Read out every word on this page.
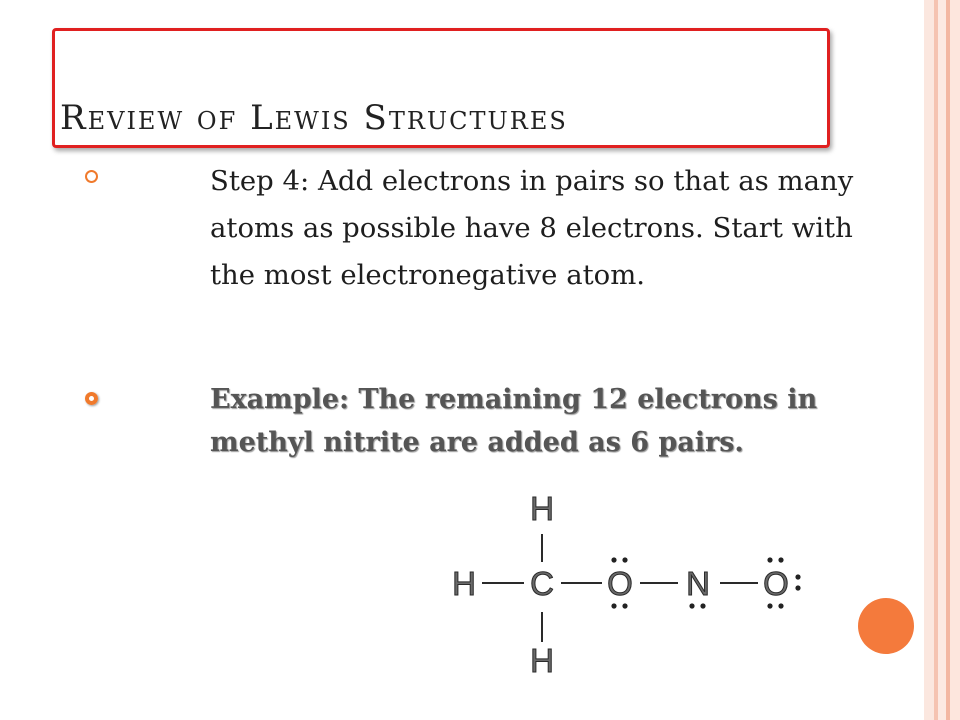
Review of Lewis Structures
Step 4: Add electrons in pairs so that as many atoms as possible have 8 electrons. Start with the most electronegative atom.
Example: The remaining 12 electrons in methyl nitrite are added as 6 pairs.
H
H C O N O
H
